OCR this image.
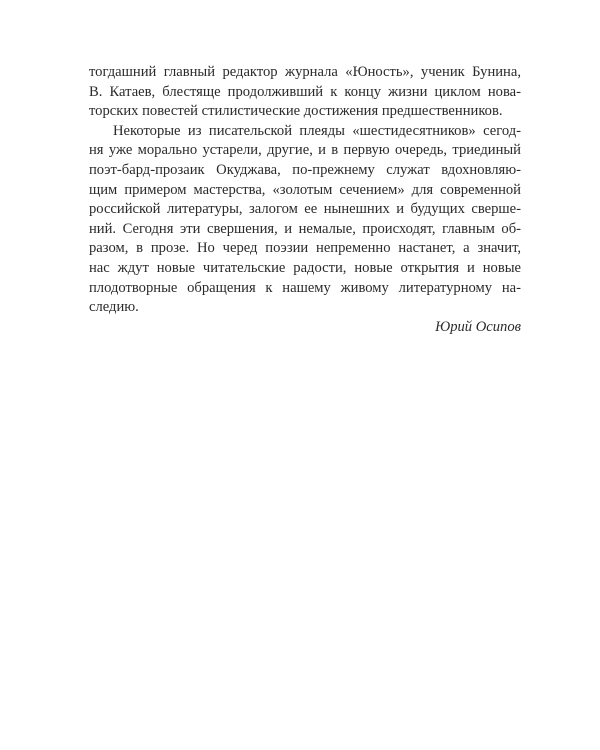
тогдашний главный редактор журнала «Юность», ученик Бунина,
В. Катаев, блестяще продолживший к концу жизни циклом нова-
торских повестей стилистические достижения предшественников.
Некоторые из писательской плеяды «шестидесятников» сегод-
ня уже морально устарели, другие, и в первую очередь, триединый
поэт-бард-прозаик Окуджава, по-прежнему служат вдохновляю-
щим примером мастерства, «золотым сечением» для современной
российской литературы, залогом ее нынешних и будущих сверше-
ний. Сегодня эти свершения, и немалые, происходят, главным об-
разом, в прозе. Но черед поэзии непременно настанет, а значит,
нас ждут новые читательские радости, новые открытия и новые
плодотворные обращения к нашему живому литературному на-
следию.
Юрий Осипов
